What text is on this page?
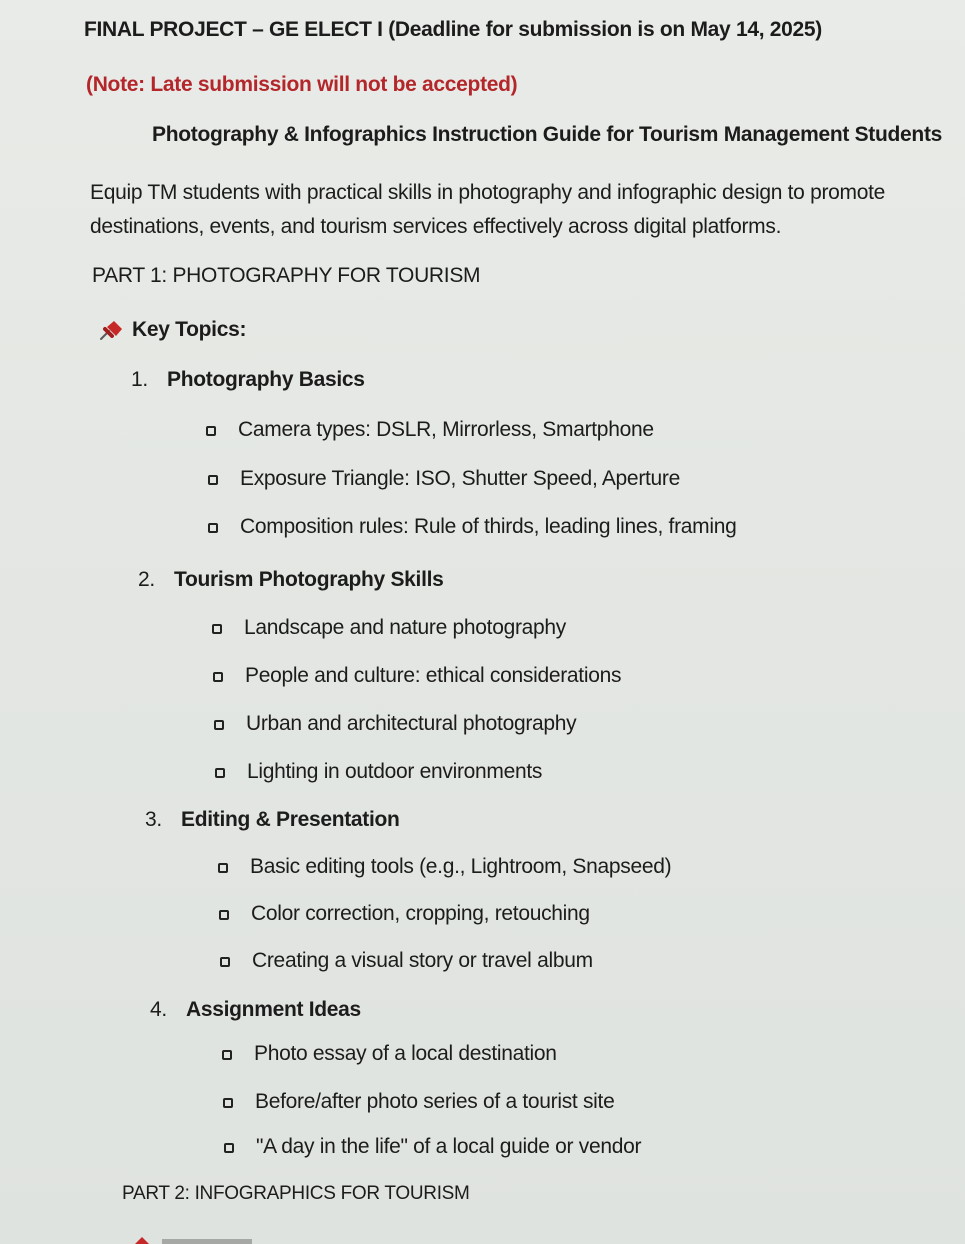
FINAL PROJECT – GE ELECT I (Deadline for submission is on May 14, 2025)
(Note: Late submission will not be accepted)
Photography & Infographics Instruction Guide for Tourism Management Students
Equip TM students with practical skills in photography and infographic design to promote destinations, events, and tourism services effectively across digital platforms.
PART 1: PHOTOGRAPHY FOR TOURISM
Key Topics:
1. Photography Basics
Camera types: DSLR, Mirrorless, Smartphone
Exposure Triangle: ISO, Shutter Speed, Aperture
Composition rules: Rule of thirds, leading lines, framing
2. Tourism Photography Skills
Landscape and nature photography
People and culture: ethical considerations
Urban and architectural photography
Lighting in outdoor environments
3. Editing & Presentation
Basic editing tools (e.g., Lightroom, Snapseed)
Color correction, cropping, retouching
Creating a visual story or travel album
4. Assignment Ideas
Photo essay of a local destination
Before/after photo series of a tourist site
"A day in the life" of a local guide or vendor
PART 2: INFOGRAPHICS FOR TOURISM
